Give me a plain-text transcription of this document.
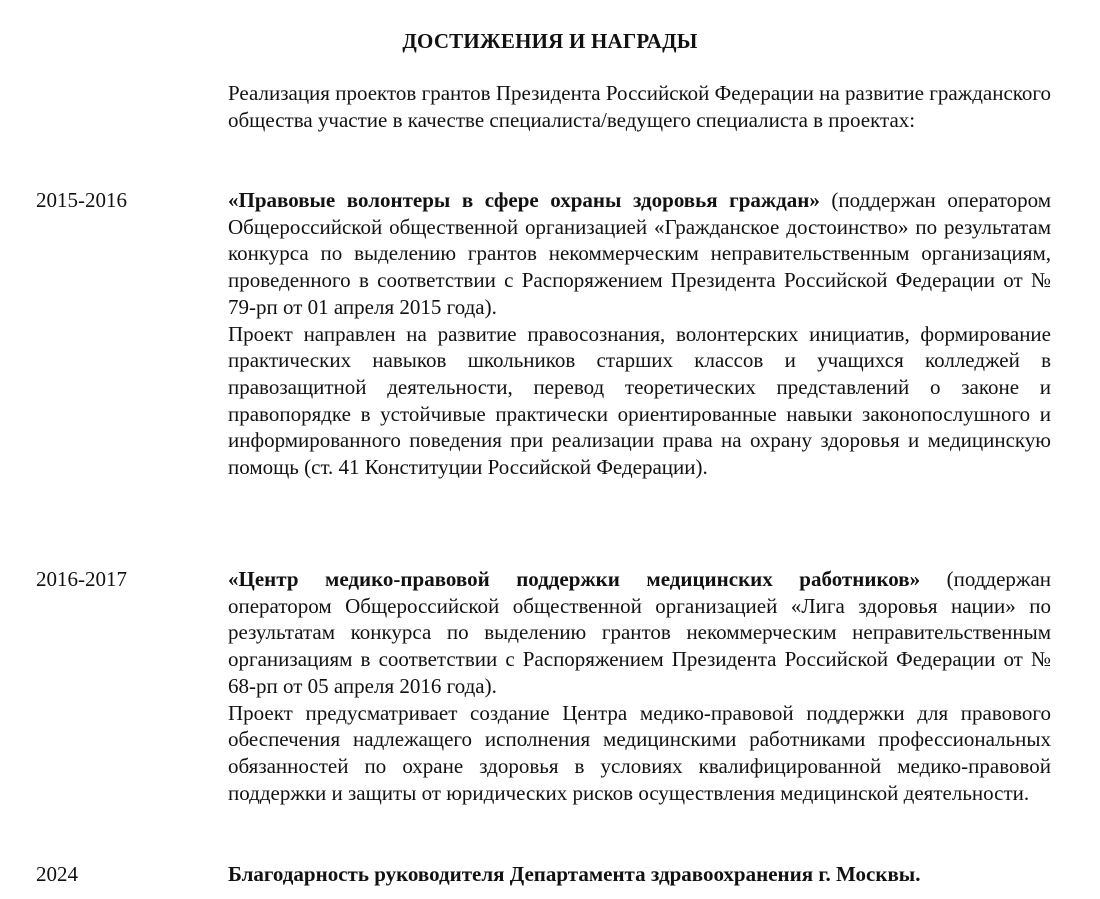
ДОСТИЖЕНИЯ И НАГРАДЫ
Реализация проектов грантов Президента Российской Федерации на развитие гражданского общества участие в качестве специалиста/ведущего специалиста в проектах:
2015-2016	«Правовые волонтеры в сфере охраны здоровья граждан» (поддержан оператором Общероссийской общественной организацией «Гражданское достоинство» по результатам конкурса по выделению грантов некоммерческим неправительственным организациям, проведенного в соответствии с Распоряжением Президента Российской Федерации от № 79-рп от 01 апреля 2015 года).

Проект направлен на развитие правосознания, волонтерских инициатив, формирование практических навыков школьников старших классов и учащихся колледжей в правозащитной деятельности, перевод теоретических представлений о законе и правопорядке в устойчивые практически ориентированные навыки законопослушного и информированного поведения при реализации права на охрану здоровья и медицинскую помощь (ст. 41 Конституции Российской Федерации).

2016-2017	«Центр медико-правовой поддержки медицинских работников» (поддержан оператором Общероссийской общественной организацией «Лига здоровья нации» по результатам конкурса по выделению грантов некоммерческим неправительственным организациям в соответствии с Распоряжением Президента Российской Федерации от № 68-рп от 05 апреля 2016 года).

Проект предусматривает создание Центра медико-правовой поддержки для правового обеспечения надлежащего исполнения медицинскими работниками профессиональных обязанностей по охране здоровья в условиях квалифицированной медико-правовой поддержки и защиты от юридических рисков осуществления медицинской деятельности.

2024	Благодарность руководителя Департамента здравоохранения г. Москвы.
